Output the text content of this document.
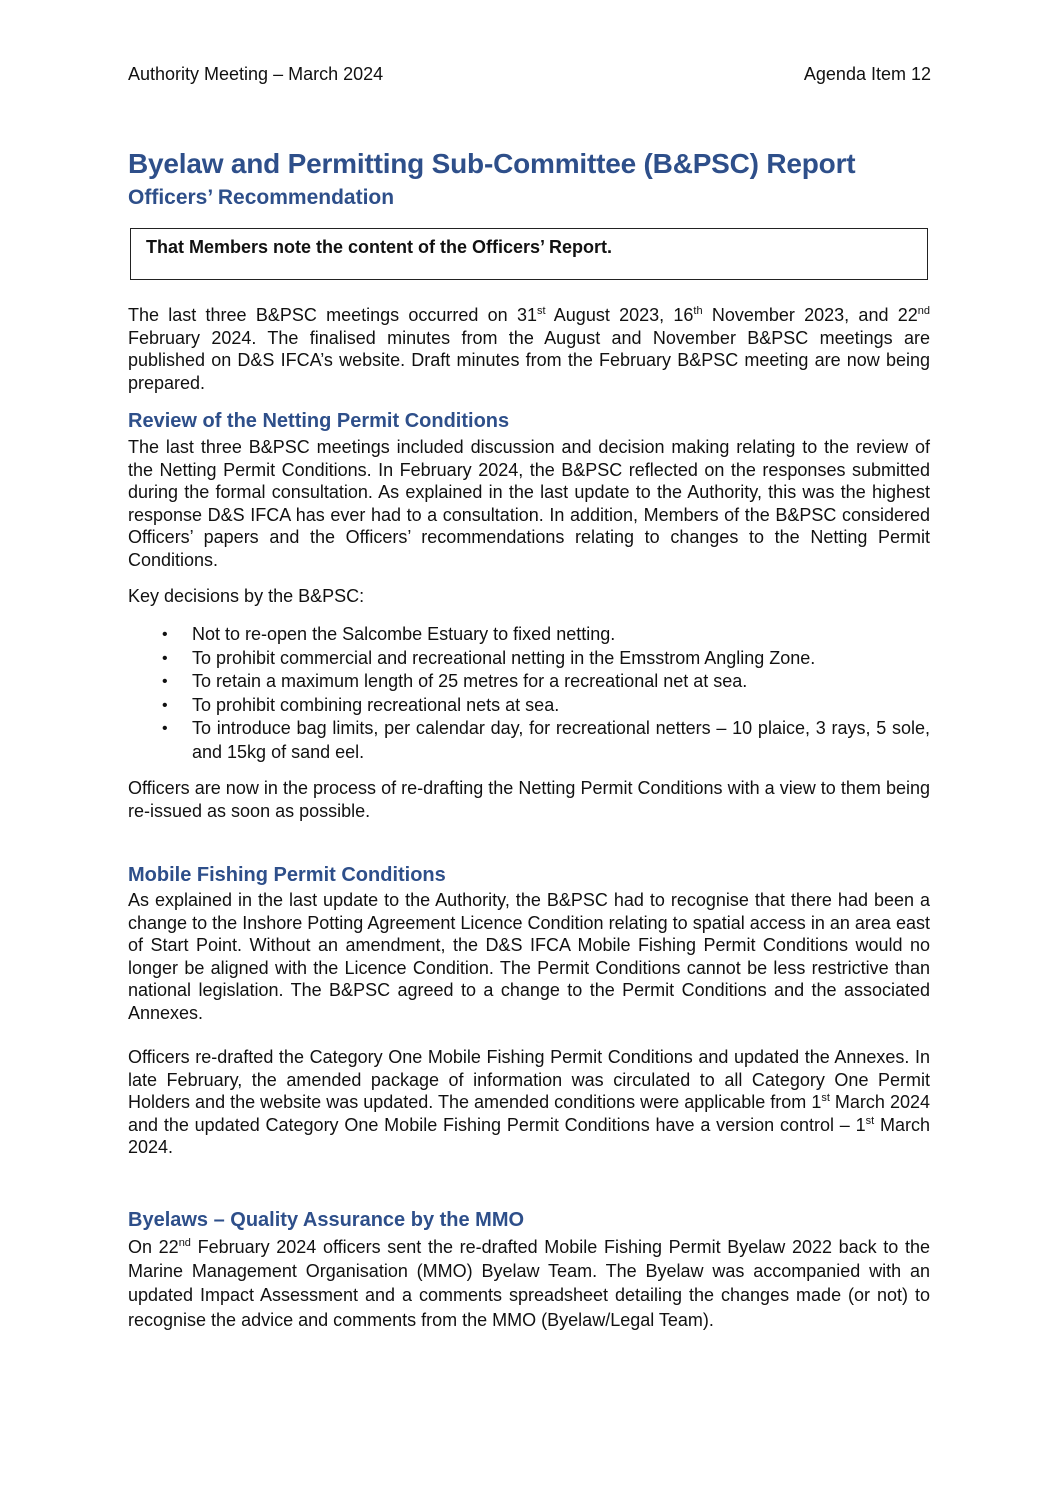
Authority Meeting – March 2024	Agenda Item 12
Byelaw and Permitting Sub-Committee (B&PSC) Report
Officers’ Recommendation
That Members note the content of the Officers’ Report.

The last three B&PSC meetings occurred on 31st August 2023, 16th November 2023, and 22nd February 2024. The finalised minutes from the August and November B&PSC meetings are published on D&S IFCA’s website. Draft minutes from the February B&PSC meeting are now being prepared.

Review of the Netting Permit Conditions
The last three B&PSC meetings included discussion and decision making relating to the review of the Netting Permit Conditions. In February 2024, the B&PSC reflected on the responses submitted during the formal consultation. As explained in the last update to the Authority, this was the highest response D&S IFCA has ever had to a consultation. In addition, Members of the B&PSC considered Officers’ papers and the Officers’ recommendations relating to changes to the Netting Permit Conditions.
Key decisions by the B&PSC:
• Not to re-open the Salcombe Estuary to fixed netting.
• To prohibit commercial and recreational netting in the Emsstrom Angling Zone.
• To retain a maximum length of 25 metres for a recreational net at sea.
• To prohibit combining recreational nets at sea.
• To introduce bag limits, per calendar day, for recreational netters – 10 plaice, 3 rays, 5 sole, and 15kg of sand eel.
Officers are now in the process of re-drafting the Netting Permit Conditions with a view to them being re-issued as soon as possible.
Mobile Fishing Permit Conditions
As explained in the last update to the Authority, the B&PSC had to recognise that there had been a change to the Inshore Potting Agreement Licence Condition relating to spatial access in an area east of Start Point. Without an amendment, the D&S IFCA Mobile Fishing Permit Conditions would no longer be aligned with the Licence Condition. The Permit Conditions cannot be less restrictive than national legislation. The B&PSC agreed to a change to the Permit Conditions and the associated Annexes.

Officers re-drafted the Category One Mobile Fishing Permit Conditions and updated the Annexes. In late February, the amended package of information was circulated to all Category One Permit Holders and the website was updated. The amended conditions were applicable from 1st March 2024 and the updated Category One Mobile Fishing Permit Conditions have a version control – 1st March 2024.

Byelaws – Quality Assurance by the MMO

On 22nd February 2024 officers sent the re-drafted Mobile Fishing Permit Byelaw 2022 back to the Marine Management Organisation (MMO) Byelaw Team. The Byelaw was accompanied with an updated Impact Assessment and a comments spreadsheet detailing the changes made (or not) to recognise the advice and comments from the MMO (Byelaw/Legal Team).
